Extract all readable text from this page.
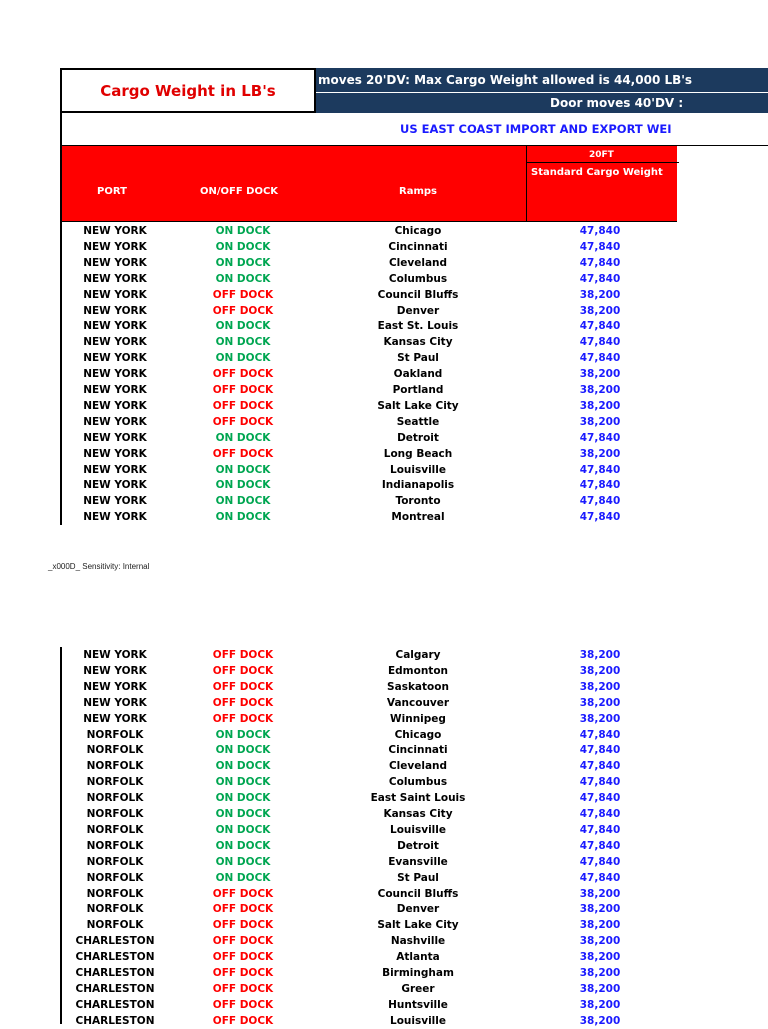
Cargo Weight in LB's
moves 20'DV: Max Cargo Weight allowed is 44,000 LB's
Door moves 40'DV :
US EAST COAST IMPORT AND EXPORT WEI
PORT	ON/OFF DOCK	Ramps
20FT
Standard Cargo Weight
NEW YORK	ON DOCK	Chicago	47,840
NEW YORK	ON DOCK	Cincinnati	47,840
NEW YORK	ON DOCK	Cleveland	47,840
NEW YORK	ON DOCK	Columbus	47,840
NEW YORK	OFF DOCK	Council Bluffs	38,200
NEW YORK	OFF DOCK	Denver	38,200
NEW YORK	ON DOCK	East St. Louis	47,840
NEW YORK	ON DOCK	Kansas City	47,840
NEW YORK	ON DOCK	St Paul	47,840
NEW YORK	OFF DOCK	Oakland	38,200
NEW YORK	OFF DOCK	Portland	38,200
NEW YORK	OFF DOCK	Salt Lake City	38,200
NEW YORK	OFF DOCK	Seattle	38,200
NEW YORK	ON DOCK	Detroit	47,840
NEW YORK	OFF DOCK	Long Beach	38,200
NEW YORK	ON DOCK	Louisville	47,840
NEW YORK	ON DOCK	Indianapolis	47,840
NEW YORK	ON DOCK	Toronto	47,840
NEW YORK	ON DOCK	Montreal	47,840
NEW YORK	OFF DOCK	Calgary	38,200
NEW YORK	OFF DOCK	Edmonton	38,200
NEW YORK	OFF DOCK	Saskatoon	38,200
NEW YORK	OFF DOCK	Vancouver	38,200
NEW YORK	OFF DOCK	Winnipeg	38,200
NORFOLK	ON DOCK	Chicago	47,840
NORFOLK	ON DOCK	Cincinnati	47,840
NORFOLK	ON DOCK	Cleveland	47,840
NORFOLK	ON DOCK	Columbus	47,840
NORFOLK	ON DOCK	East Saint Louis	47,840
NORFOLK	ON DOCK	Kansas City	47,840
NORFOLK	ON DOCK	Louisville	47,840
NORFOLK	ON DOCK	Detroit	47,840
NORFOLK	ON DOCK	Evansville	47,840
NORFOLK	ON DOCK	St Paul	47,840
NORFOLK	OFF DOCK	Council Bluffs	38,200
NORFOLK	OFF DOCK	Denver	38,200
NORFOLK	OFF DOCK	Salt Lake City	38,200
CHARLESTON	OFF DOCK	Nashville	38,200
CHARLESTON	OFF DOCK	Atlanta	38,200
CHARLESTON	OFF DOCK	Birmingham	38,200
CHARLESTON	OFF DOCK	Greer	38,200
CHARLESTON	OFF DOCK	Huntsville	38,200
CHARLESTON	OFF DOCK	Louisville	38,200
_x000D_ Sensitivity: Internal
